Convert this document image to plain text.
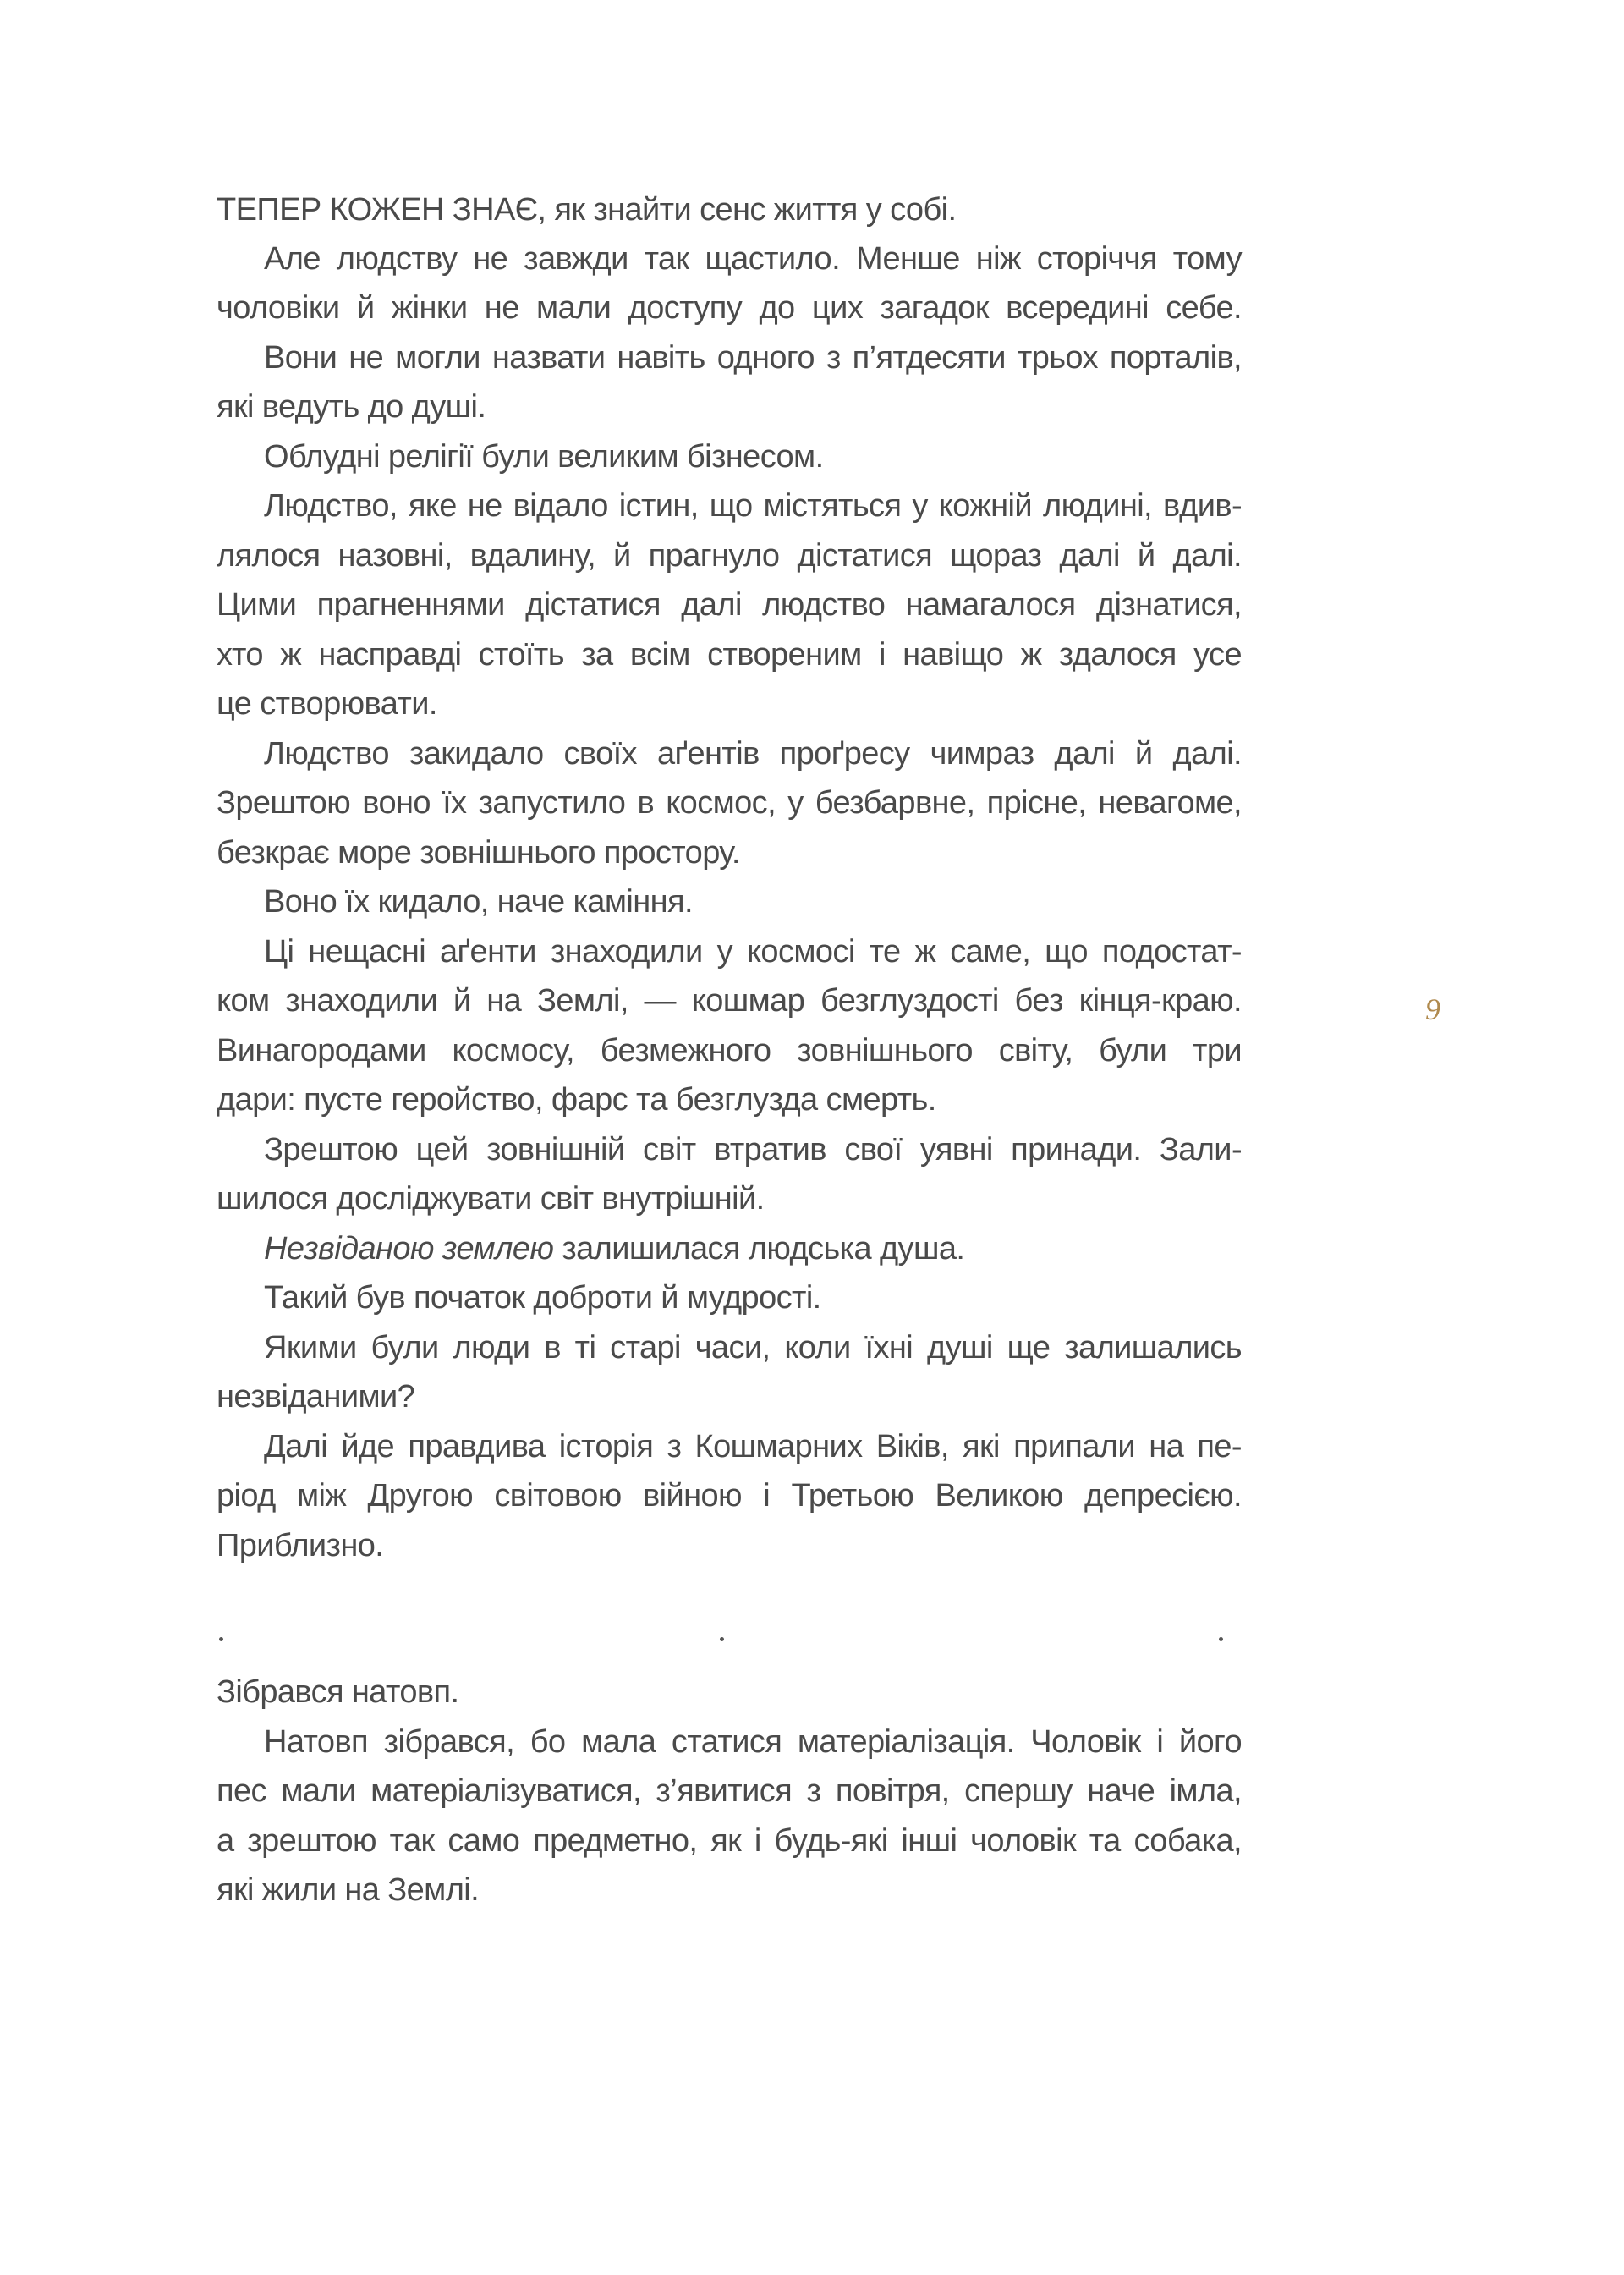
ТЕПЕР КОЖЕН ЗНАЄ, як знайти сенс життя у собі.
Але людству не завжди так щастило. Менше ніж сторіччя тому
чоловіки й жінки не мали доступу до цих загадок всередині себе.
Вони не могли назвати навіть одного з п’ятдесяти трьох порталів,
які ведуть до душі.
Облудні релігії були великим бізнесом.
Людство, яке не відало істин, що містяться у кожній людині, вдив-
лялося назовні, вдалину, й прагнуло дістатися щораз далі й далі.
Цими прагненнями дістатися далі людство намагалося дізнатися,
хто ж насправді стоїть за всім створеним і навіщо ж здалося усе
це створювати.
Людство закидало своїх аґентів проґресу чимраз далі й далі.
Зрештою воно їх запустило в космос, у безбарвне, прісне, невагоме,
безкрає море зовнішнього простору.
Воно їх кидало, наче каміння.
Ці нещасні аґенти знаходили у космосі те ж саме, що подостат-
ком знаходили й на Землі, — кошмар безглуздості без кінця-краю.
Винагородами космосу, безмежного зовнішнього світу, були три
дари: пусте геройство, фарс та безглузда смерть.
Зрештою цей зовнішній світ втратив свої уявні принади. Зали-
шилося досліджувати світ внутрішній.
Незвіданою землею залишилася людська душа.
Такий був початок доброти й мудрості.
Якими були люди в ті старі часи, коли їхні душі ще залишались
незвіданими?
Далі йде правдива історія з Кошмарних Віків, які припали на пе-
ріод між Другою світовою війною і Третьою Великою депресією.
Приблизно.
Зібрався натовп.
Натовп зібрався, бо мала статися матеріалізація. Чоловік і його
пес мали матеріалізуватися, з’явитися з повітря, спершу наче імла,
а зрештою так само предметно, як і будь-які інші чоловік та собака,
які жили на Землі.
9
